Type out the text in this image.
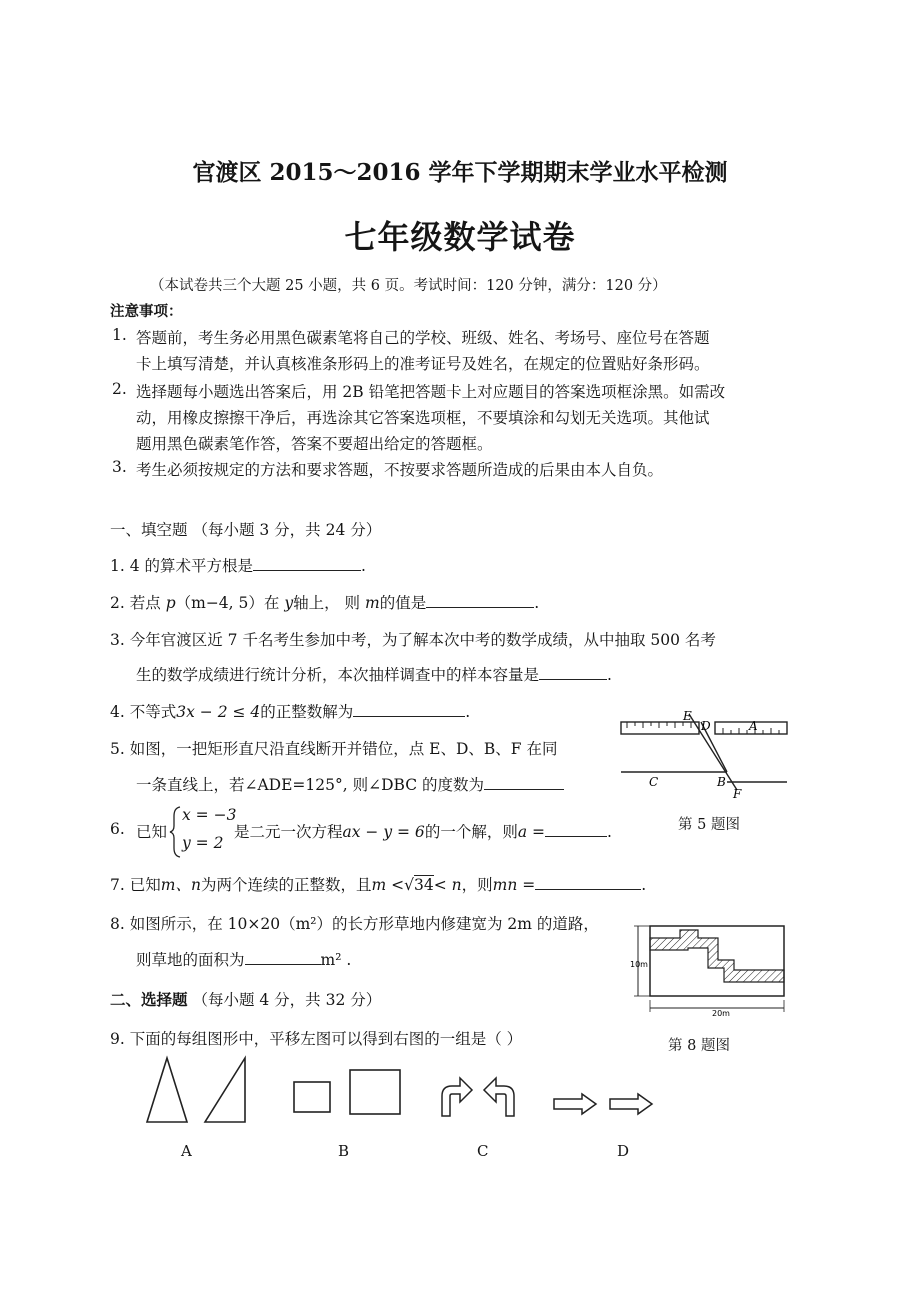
官渡区 2015～2016 学年下学期期末学业水平检测
七年级数学试卷
（本试卷共三个大题 25 小题，共 6 页。考试时间：120 分钟，满分：120 分）
注意事项：
1. 答题前，考生务必用黑色碳素笔将自己的学校、班级、姓名、考场号、座位号在答题
卡上填写清楚，并认真核准条形码上的准考证号及姓名，在规定的位置贴好条形码。
2. 选择题每小题选出答案后，用 2B 铅笔把答题卡上对应题目的答案选项框涂黑。如需改
动，用橡皮擦擦干净后，再选涂其它答案选项框，不要填涂和勾划无关选项。其他试
题用黑色碳素笔作答，答案不要超出给定的答题框。
3. 考生必须按规定的方法和要求答题，不按要求答题所造成的后果由本人自负。
一、填空题 （每小题 3 分，共 24 分）
1. 4 的算术平方根是	.
2. 若点 p（m−4, 5）在 y轴上， 则 m的值是	.
3. 今年官渡区近 7 千名考生参加中考，为了解本次中考的数学成绩，从中抽取 500 名考
生的数学成绩进行统计分析，本次抽样调查中的样本容量是	.
4. 不等式3x − 2 ≤ 4的正整数解为	.
5. 如图，一把矩形直尺沿直线断开并错位，点 E、D、B、F 在同
一条直线上，若∠ADE=125°, 则∠DBC 的度数为
E
D	A
C	B
F
第 5 题图
6. 已知
x = −3
y = 2
是二元一次方程ax − y = 6的一个解，则a =	.
7. 已知m、n为两个连续的正整数，且m <√34< n，则mn =	.
8. 如图所示，在 10×20（m²）的长方形草地内修建宽为 2m 的道路，
则草地的面积为	m² .	10m
20m
第 8 题图
二、选择题 （每小题 4 分，共 32 分）
9. 下面的每组图形中，平移左图可以得到右图的一组是（ ）
A	B	C	D
